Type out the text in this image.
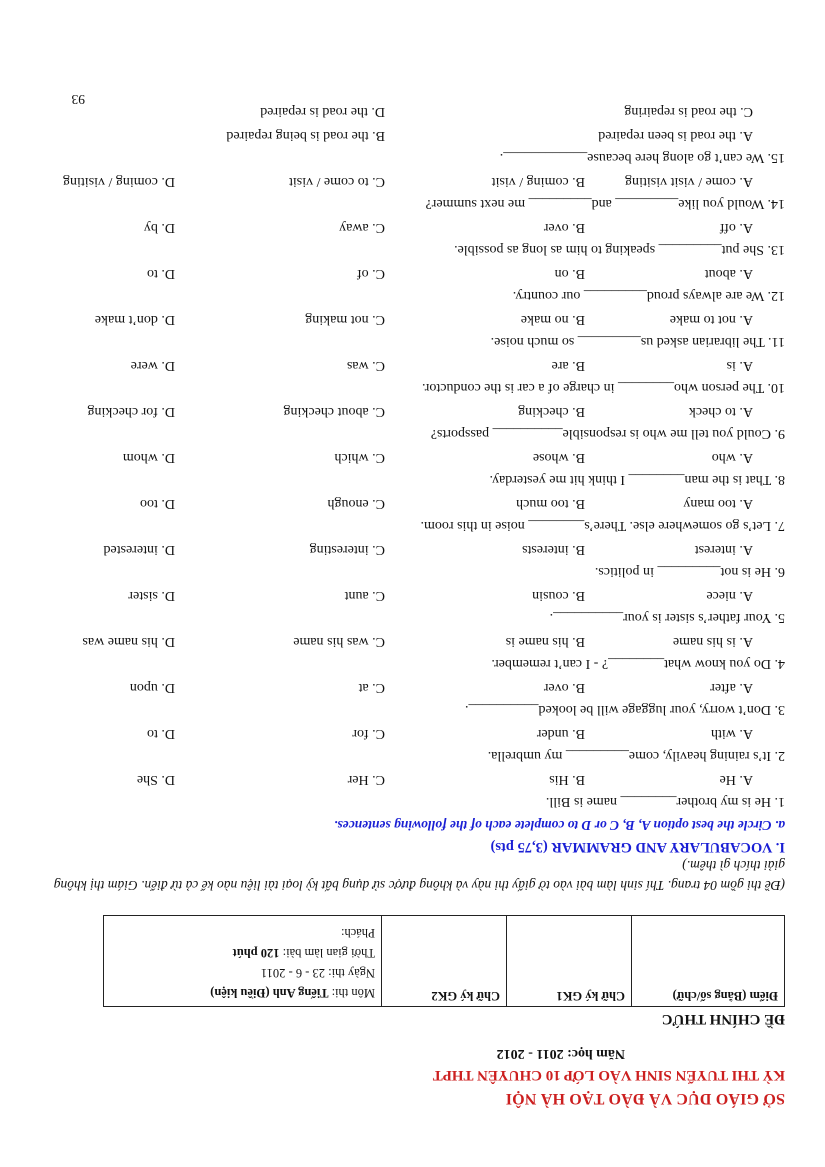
SỞ GIÁO DỤC VÀ ĐÀO TẠO HÀ NỘI
KỲ THI TUYỂN SINH VÀO LỚP 10 CHUYÊN THPT
Năm học: 2011 - 2012
ĐỀ CHÍNH THỨC
Điểm (Bằng số/chữ)	Chữ ký GK1	Chữ ký GK2	
Môn thi: Tiếng Anh (Điều kiện)
Ngày thi: 23 - 6 - 2011
Thời gian làm bài: 120 phút
Phách:
(Đề thi gồm 04 trang. Thí sinh làm bài vào tờ giấy thi này và không được sử dụng bất kỳ loại tài liệu nào kể cả từ điển. Giám thị không giải thích gì thêm.)
I. VOCABULARY AND GRAMMAR (3,75 pts)
a. Circle the best option A, B, C or D to complete each of the following sentences.
1. He is my brother________ name is Bill.
A. He
B. His
C. Her
D. She
2. It’s raining heavily, come_________ my umbrella.
A. with
B. under
C. for
D. to
3. Don’t worry, your luggage will be looked__________.
A. after
B. over
C. at
D. upon
4. Do you know what________? - I can’t remember.
A. is his name
B. his name is
C. was his name
D. his name was
5. Your father’s sister is your__________.
A. niece
B. cousin
C. aunt
D. sister
6. He is not_________ in politics.
A. interest
B. interests
C. interesting
D. interested
7. Let’s go somewhere else. There’s________ noise in this room.
A. too many
B. too much
C. enough
D. too
8. That is the man________ I think hit me yesterday.
A. who
B. whose
C. which
D. whom
9. Could you tell me who is responsible__________ passports?
A. to check
B. checking
C. about checking
D. for checking
10. The person who________ in charge of a car is the conductor.
A. is
B. are
C. was
D. were
11. The librarian asked us_________ so much noise.
A. not to make
B. no make
C. not making
D. don’t make
12. We are always proud_________ our country.
A. about
B. on
C. of
D. to
13. She put_________ speaking to him as long as possible.
A. off
B. over
C. away
D. by
14. Would you like_________ and_________ me next summer?
A. come / visit visiting
B. coming / visit
C. to come / visit
D. coming / visiting
15. We can’t go along here because____________.
A. the road is been repaired
B. the road is being repaired
C. the road is repairing
D. the road is repaired
93
